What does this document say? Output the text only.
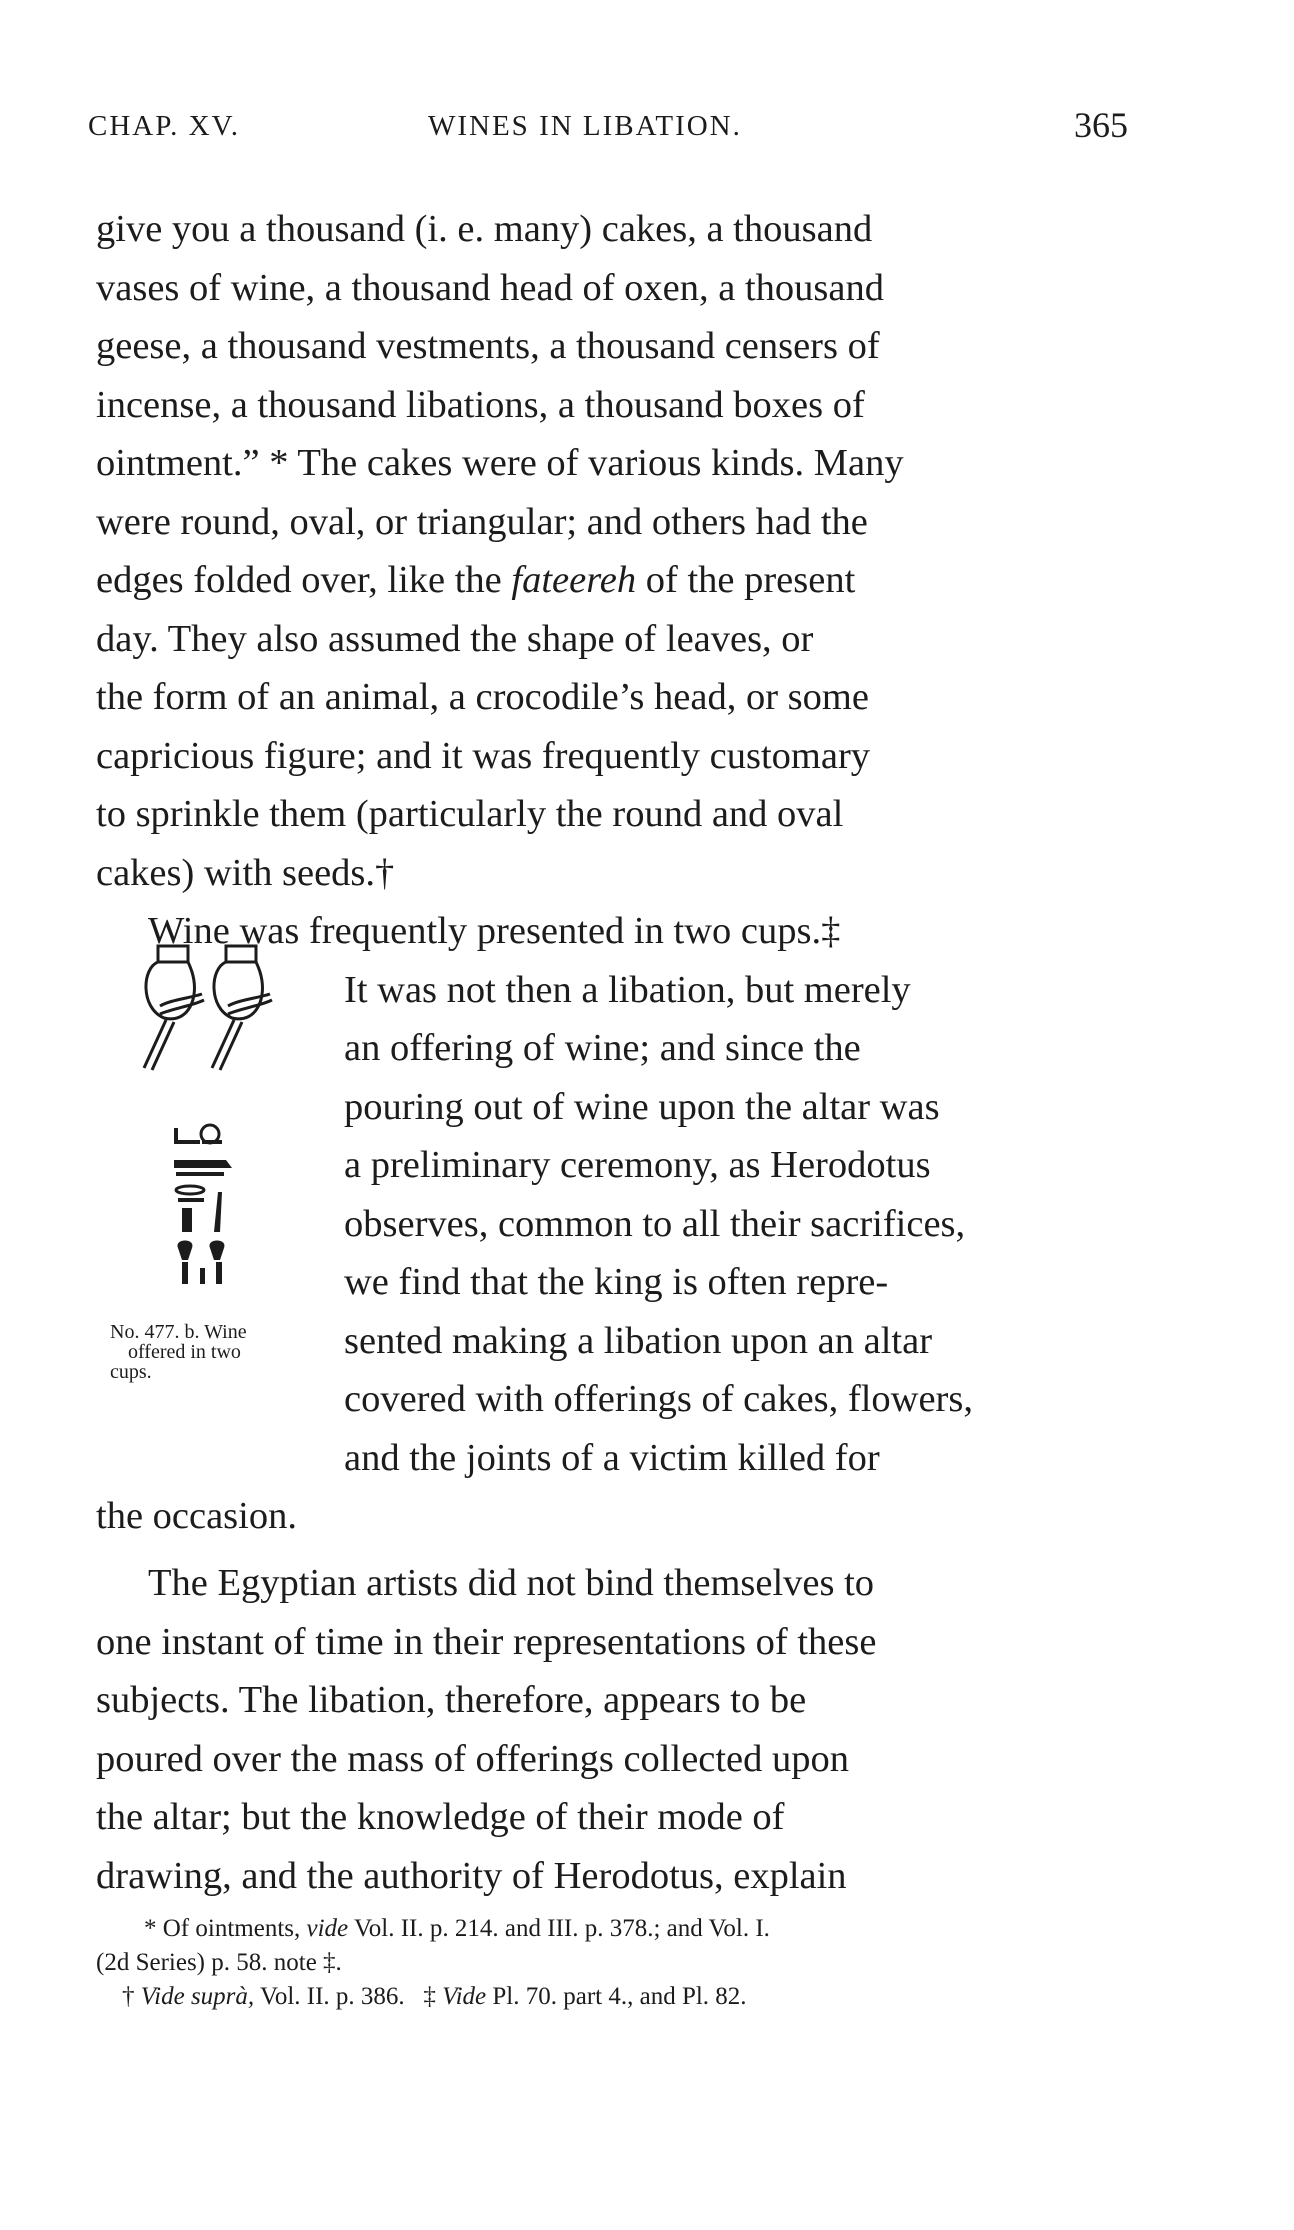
CHAP. XV.	WINES IN LIBATION.	365
give you a thousand (i. e. many) cakes, a thousand
vases of wine, a thousand head of oxen, a thousand
geese, a thousand vestments, a thousand censers of
incense, a thousand libations, a thousand boxes of
ointment.” * The cakes were of various kinds. Many
were round, oval, or triangular; and others had the
edges folded over, like the fateereh of the present
day. They also assumed the shape of leaves, or
the form of an animal, a crocodile’s head, or some
capricious figure; and it was frequently customary
to sprinkle them (particularly the round and oval
cakes) with seeds.†
Wine was frequently presented in two cups.‡
It was not then a libation, but merely
an offering of wine; and since the
pouring out of wine upon the altar was
a preliminary ceremony, as Herodotus
observes, common to all their sacrifices,
we find that the king is often repre-
sented making a libation upon an altar
covered with offerings of cakes, flowers,
and the joints of a victim killed for
the occasion.
No. 477. b. Wine
offered in two
cups.
The Egyptian artists did not bind themselves to
one instant of time in their representations of these
subjects. The libation, therefore, appears to be
poured over the mass of offerings collected upon
the altar; but the knowledge of their mode of
drawing, and the authority of Herodotus, explain
* Of ointments, vide Vol. II. p. 214. and III. p. 378.; and Vol. I.
(2d Series) p. 58. note ‡.
† Vide suprà, Vol. II. p. 386. ‡ Vide Pl. 70. part 4., and Pl. 82.
